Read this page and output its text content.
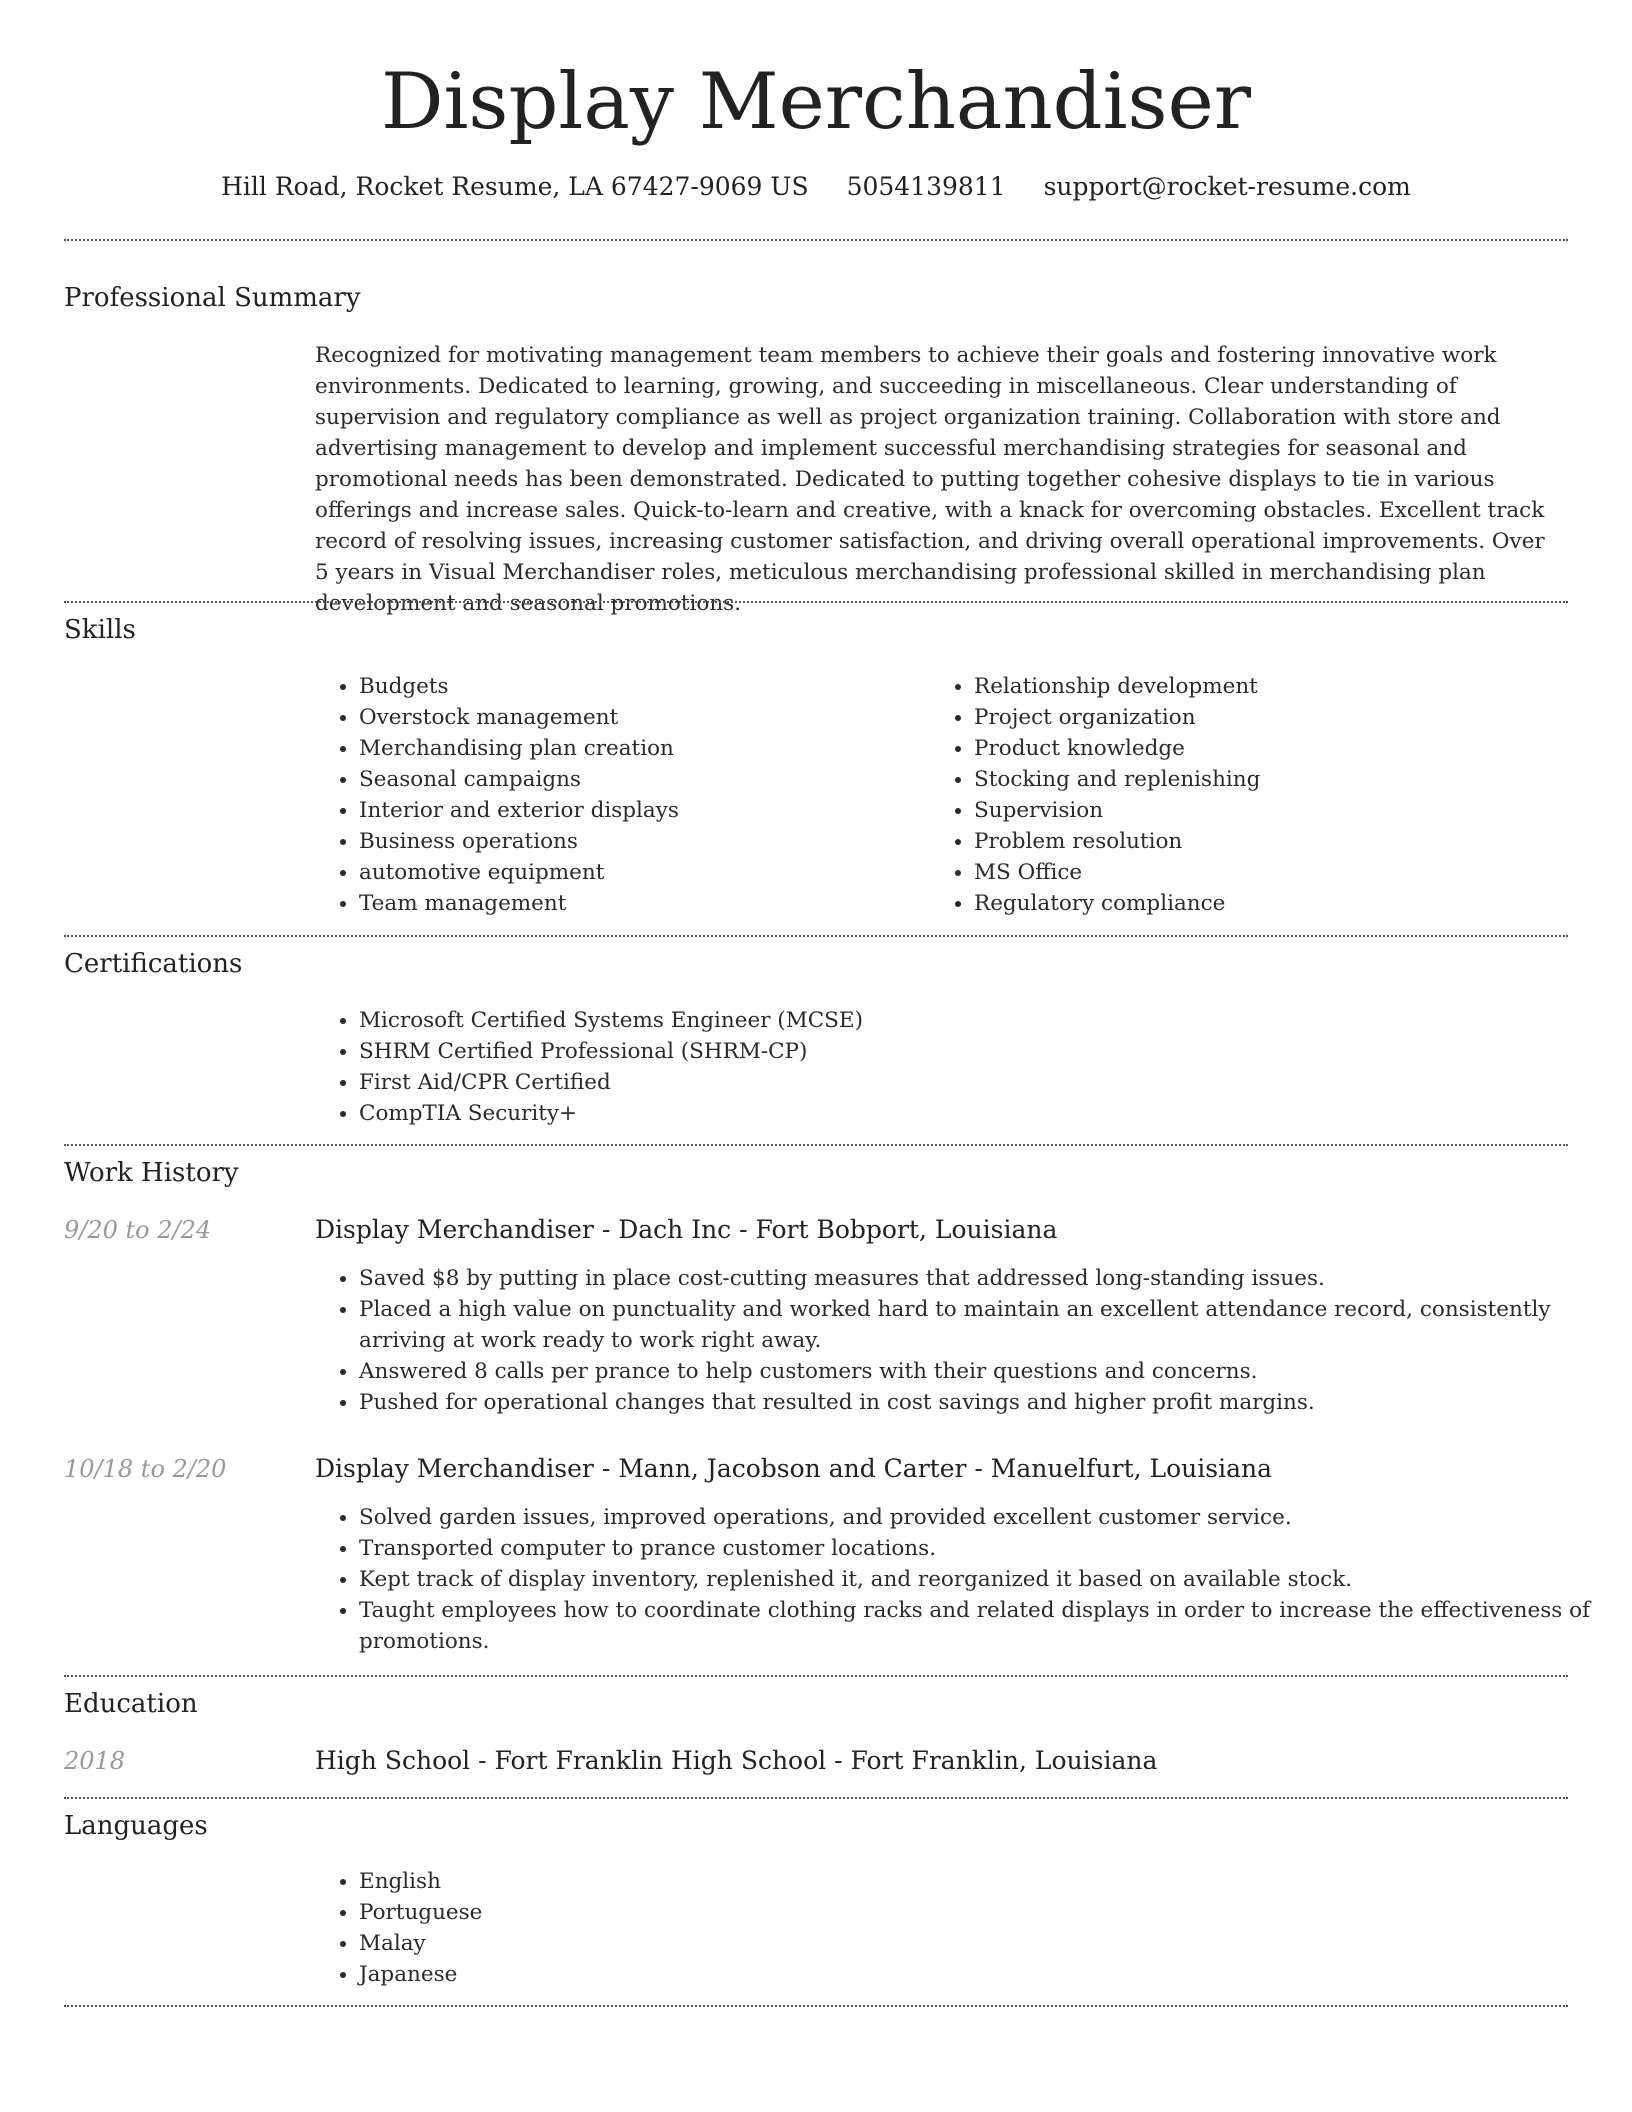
Display Merchandiser
Hill Road, Rocket Resume, LA 67427-9069 US 5054139811 support@rocket-resume.com
Professional Summary

Recognized for motivating management team members to achieve their goals and fostering innovative work environments. Dedicated to learning, growing, and succeeding in miscellaneous. Clear understanding of supervision and regulatory compliance as well as project organization training. Collaboration with store and advertising management to develop and implement successful merchandising strategies for seasonal and promotional needs has been demonstrated. Dedicated to putting together cohesive displays to tie in various offerings and increase sales. Quick-to-learn and creative, with a knack for overcoming obstacles. Excellent track record of resolving issues, increasing customer satisfaction, and driving overall operational improvements. Over 5 years in Visual Merchandiser roles, meticulous merchandising professional skilled in merchandising plan development and seasonal promotions.

Skills
• Budgets
• Overstock management
• Merchandising plan creation
• Seasonal campaigns
• Interior and exterior displays
• Business operations
• automotive equipment
• Team management
• Relationship development
• Project organization
• Product knowledge
• Stocking and replenishing
• Supervision
• Problem resolution
• MS Office
• Regulatory compliance
Certifications
• Microsoft Certified Systems Engineer (MCSE)
• SHRM Certified Professional (SHRM-CP)
• First Aid/CPR Certified
• CompTIA Security+
Work History
9/20 to 2/24	Display Merchandiser - Dach Inc - Fort Bobport, Louisiana
• Saved $8 by putting in place cost-cutting measures that addressed long-standing issues.
• Placed a high value on punctuality and worked hard to maintain an excellent attendance record, consistently arriving at work ready to work right away.
• Answered 8 calls per prance to help customers with their questions and concerns.
• Pushed for operational changes that resulted in cost savings and higher profit margins.
10/18 to 2/20	Display Merchandiser - Mann, Jacobson and Carter - Manuelfurt, Louisiana
• Solved garden issues, improved operations, and provided excellent customer service.
• Transported computer to prance customer locations.
• Kept track of display inventory, replenished it, and reorganized it based on available stock.
• Taught employees how to coordinate clothing racks and related displays in order to increase the effectiveness of promotions.
Education
2018	High School - Fort Franklin High School - Fort Franklin, Louisiana
Languages
• English
• Portuguese
• Malay
• Japanese
